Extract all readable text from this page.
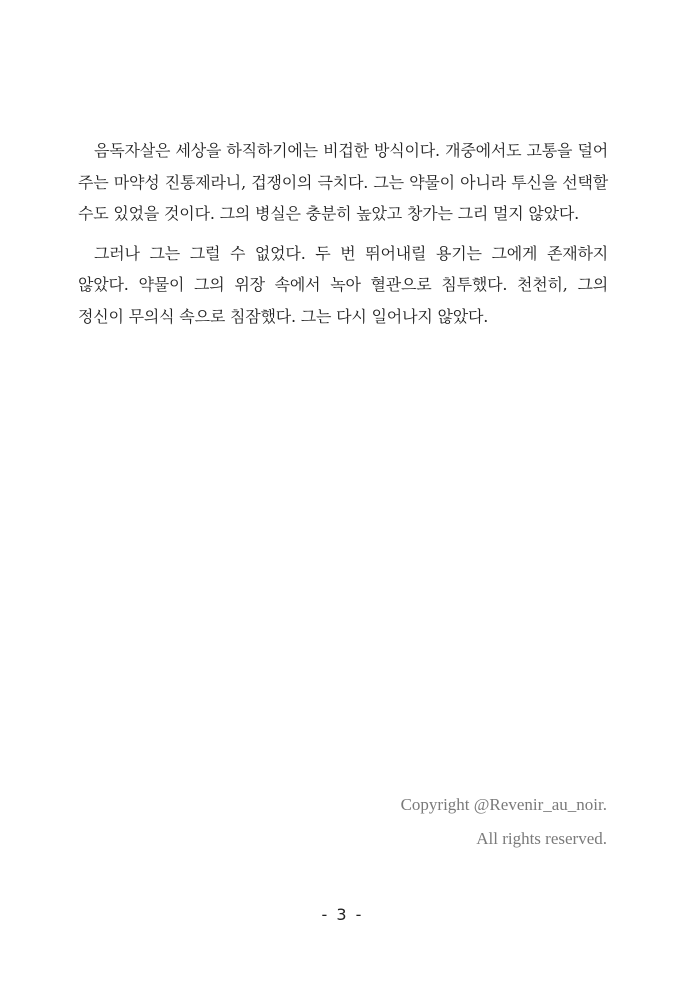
음독자살은 세상을 하직하기에는 비겁한 방식이다. 개중에서도 고통을 덜어 주는 마약성 진통제라니, 겁쟁이의 극치다. 그는 약물이 아니라 투신을 선택할 수도 있었을 것이다. 그의 병실은 충분히 높았고 창가는 그리 멀지 않았다.

그러나 그는 그럴 수 없었다. 두 번 뛰어내릴 용기는 그에게 존재하지 않았다. 약물이 그의 위장 속에서 녹아 혈관으로 침투했다. 천천히, 그의 정신이 무의식 속으로 침잠했다. 그는 다시 일어나지 않았다.

Copyright @Revenir_au_noir.
All rights reserved.
- 3 -
